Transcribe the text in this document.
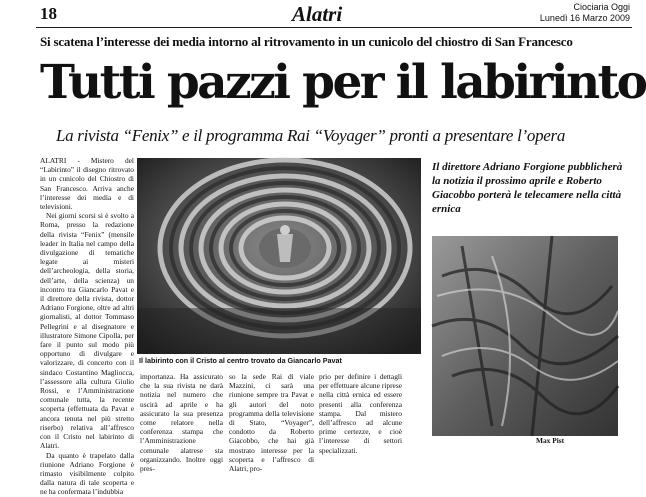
18	Alatri	Ciociaria Oggi
Lunedì 16 Marzo 2009
Si scatena l’interesse dei media intorno al ritrovamento in un cunicolo del chiostro di San Francesco
Tutti pazzi per il labirinto
La rivista “Fenix” e il programma Rai “Voyager” pronti a presentare l’opera

ALATRI - Mistero del “Labirinto” il disegno ritrovato in un cunicolo del Chiostro di San Francesco. Arriva anche l’interesse dei media e di televisioni.

Nei giorni scorsi si è svolto a Roma, presso la redazione della rivista “Fenix” (mensile leader in Italia nel campo della divulgazione di tematiche legate ai misteri dell’archeologia, della storia, dell’arte, della scienza) un incontro tra Giancarlo Pavat e il direttore della rivista, dottor Adriano Forgione, oltre ad altri giornalisti, al dottor Tommaso Pellegrini e al disegnatore e illustratore Simone Cipolla, per fare il punto sul modo più opportuno di divulgare e valorizzare, di concerto con il sindaco Costantino Magliocca, l’assessore alla cultura Giulio Rossi, e l’Amministrazione comunale tutta, la recente scoperta (effettuata da Pavat e ancora tenuta nel più stretto riserbo) relativa all’affresco con il Cristo nel labirinto di Alatri.

Da quanto è trapelato dalla riunione Adriano Forgione è rimasto visibilmente colpito dalla natura di tale scoperta e ne ha confermata l’indubbia

Il labirinto con il Cristo al centro trovato da Giancarlo Pavat

importanza. Ha assicurato che la sua rivista ne darà notizia nel numero che uscirà ad aprile e ha assicurato la sua presenza come relatore nella conferenza stampa che l’Amministrazione comunale alatrese sta organizzando. Inoltre oggi pres-

so la sede Rai di viale Mazzini, ci sarà una riunione sempre tra Pavat e gli autori del noto programma della televisione di Stato, “Voyager”, condotto da Roberto Giacobbo, che hai già mostrato interesse per la scoperta e l’affresco di Alatri, pro-

prio per definire i dettagli per effettuare alcune riprese nella città ernica ed essere presenti alla conferenza stampa. Dal mistero dell’affresco ad alcune prime certezze, e cioè l’interesse di settori specializzati.

Il direttore Adriano Forgione pubblicherà la notizia il prossimo aprile e Roberto Giacobbo porterà le telecamere nella città ernica
Max Pist
